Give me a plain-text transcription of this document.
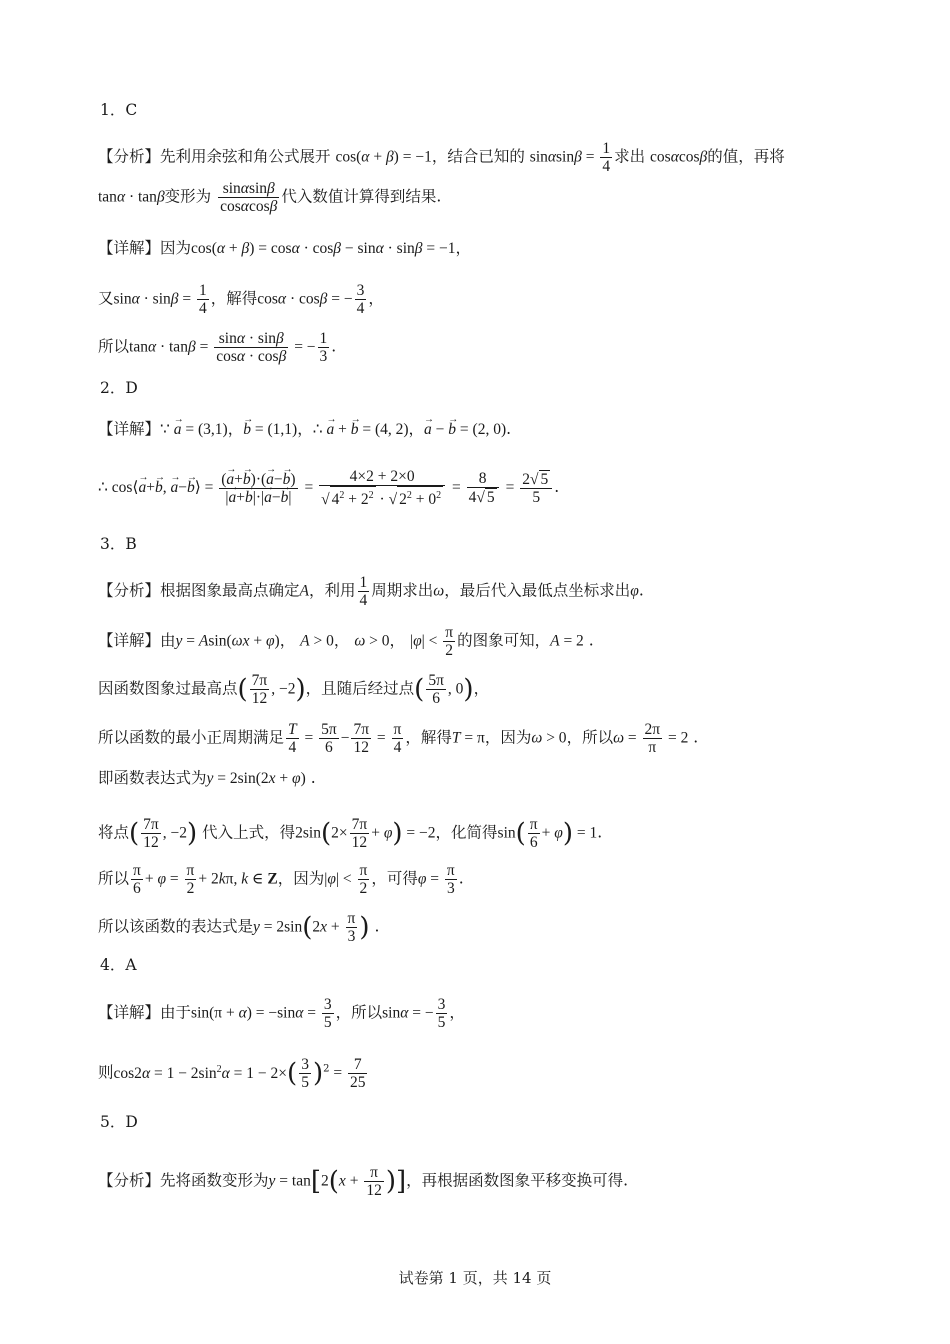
1．C
【分析】先利用余弦和角公式展开 cos(α + β) = −1，结合已知的 $\sin\alpha\sin\beta = \frac{1}{4}$ 求出 cosαcosβ的值，再将
tanα · tanβ变形为 $\frac{\sin\alpha\sin\beta}{\cos\alpha\cos\beta}$ 代入数值计算得到结果.
【详解】因为cos(α + β) = cosα · cosβ − sinα · sinβ = −1，
又$\sin\alpha \cdot \sin\beta = \frac{1}{4}$ ，解得cosα · cosβ = − $\frac{3}{4}$ ，
所以$\tan\alpha \cdot \tan\beta = \frac{\sin\alpha \cdot \sin\beta}{\cos\alpha \cdot \cos\beta}$ = − $\frac{1}{3}$ .
2．D
【详解】∵ → a = (3,1)，→ b = (1,1)，∴ → a + → b = (4, 2)，→ a − → b = (2, 0).
∴ cos⟨→ a+→ b, → a−→ b⟩ = $\frac{(\to a+\to b)\cdot(\to a-\to b)}{|\to a+\to b|\cdot|\to a-\to b|} = \frac{4\times 2 + 2\times 0}{√ 4^2 + 2^2 \cdot √ 2^2 + 0^2} = \frac{8}{4√ 5} = \frac{2√ 5}{5}$ .
3．B
【分析】根据图象最高点确定A，利用 $\frac{1}{4}$ 周期求出ω，最后代入最低点坐标求出φ.
【详解】由y = Asin(ωx + φ)， A > 0， ω > 0， $|\varphi| < \frac{\pi}{2}$ 的图象可知，A = 2 .
因函数图象过最高点( $\frac{7\pi}{12}$ , −2)，且随后经过点( $\frac{5\pi}{6}$ , 0)，
所以函数的最小正周期满足 $\frac{T}{4} = \frac{5\pi}{6} - \frac{7\pi}{12} = \frac{\pi}{4}$ ，解得T = π，因为ω > 0，所以$\omega = \frac{2\pi}{\pi} = 2$ .
即函数表达式为y = 2sin(2x + φ) .
将点( $\frac{7\pi}{12}$ , −2) 代入上式，得$2\sin(2\times \frac{7\pi}{12} + \varphi) = -2$，化简得$\sin( \frac{\pi}{6} + \varphi) = 1$.
所以 $\frac{\pi}{6} + \varphi = \frac{\pi}{2} + 2k\pi$, k ∈ Z，因为$|\varphi| < \frac{\pi}{2}$ ，可得$\varphi = \frac{\pi}{3}$ .
所以该函数的表达式是$y = 2\sin(2x + \frac{\pi}{3}$ ) .
4．A
【详解】由于$\sin(\pi + \alpha) = -\sin\alpha = \frac{3}{5}$ ，所以sinα = − $\frac{3}{5}$ ，
则$\cos 2\alpha = 1 - 2\sin^2\alpha = 1 - 2\times( \frac{3}{5} )^2 = \frac{7}{25}$
5．D
【分析】先将函数变形为$y = \tan[2(x + \frac{\pi}{12}$ )]，再根据函数图象平移变换可得.
试卷第 1 页，共 14 页
